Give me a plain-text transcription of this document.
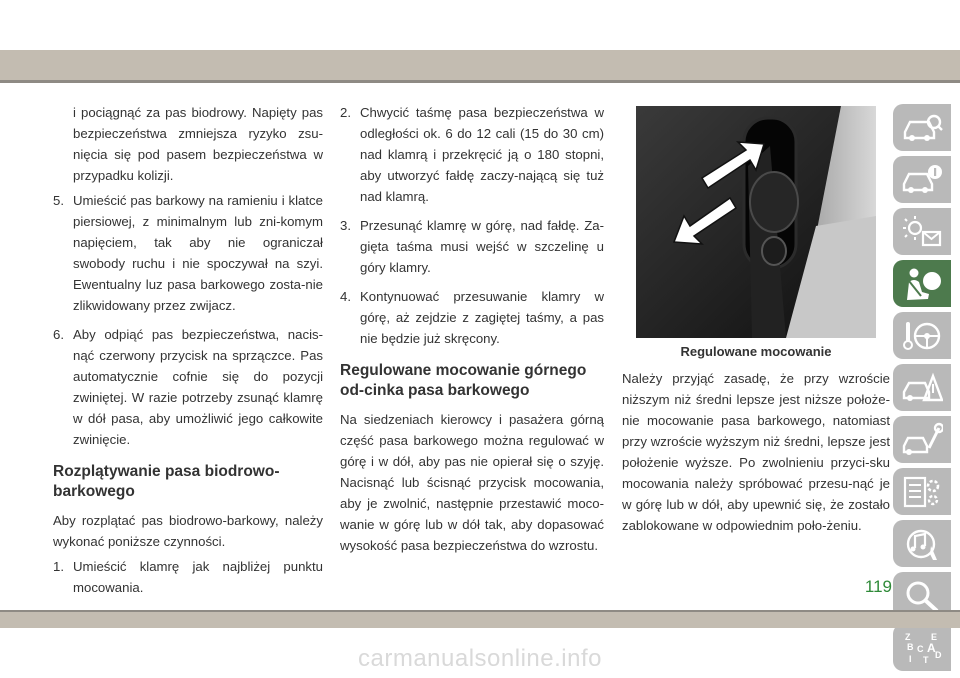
i pociągnąć za pas biodrowy. Napięty pas bezpieczeństwa zmniejsza ryzyko zsu-nięcia się pod pasem bezpieczeństwa w przypadku kolizji.

5. Umieścić pas barkowy na ramieniu i klatce piersiowej, z minimalnym lub zni-komym napięciem, tak aby nie ograniczał swobody ruchu i nie spoczywał na szyi. Ewentualny luz pasa barkowego zosta-nie zlikwidowany przez zwijacz.
6. Aby odpiąć pas bezpieczeństwa, nacis-nąć czerwony przycisk na sprzączce. Pas automatycznie cofnie się do pozycji zwiniętej. W razie potrzeby zsunąć klamrę w dół pasa, aby umożliwić jego całkowite zwinięcie.
Rozplątywanie pasa biodrowo-barkowego

Aby rozplątać pas biodrowo-barkowy, należy wykonać poniższe czynności.

1. Umieścić klamrę jak najbliżej punktu mocowania.
2. Chwycić taśmę pasa bezpieczeństwa w odległości ok. 6 do 12 cali (15 do 30 cm) nad klamrą i przekręcić ją o 180 stopni, aby utworzyć fałdę zaczy-nającą się tuż nad klamrą.
3. Przesunąć klamrę w górę, nad fałdę. Za-gięta taśma musi wejść w szczelinę u góry klamry.
4. Kontynuować przesuwanie klamry w górę, aż zejdzie z zagiętej taśmy, a pas nie będzie już skręcony.
Regulowane mocowanie górnego od-cinka pasa barkowego

Na siedzeniach kierowcy i pasażera górną część pasa barkowego można regulować w górę i w dół, aby pas nie opierał się o szyję. Nacisnąć lub ścisnąć przycisk mocowania, aby je zwolnić, następnie przestawić moco-wanie w górę lub w dół tak, aby dopasować wysokość pasa bezpieczeństwa do wzrostu.

Regulowane mocowanie

Należy przyjąć zasadę, że przy wzroście niższym niż średni lepsze jest niższe położe-nie mocowanie pasa barkowego, natomiast przy wzroście wyższym niż średni, lepsze jest położenie wyższe. Po zwolnieniu przyci-sku mocowania należy spróbować przesu-nąć je w górę lub w dół, aby upewnić się, że zostało zablokowane w odpowiednim poło-żeniu.

Z E
B C A
I	D
T
119
carmanualsonline.info
